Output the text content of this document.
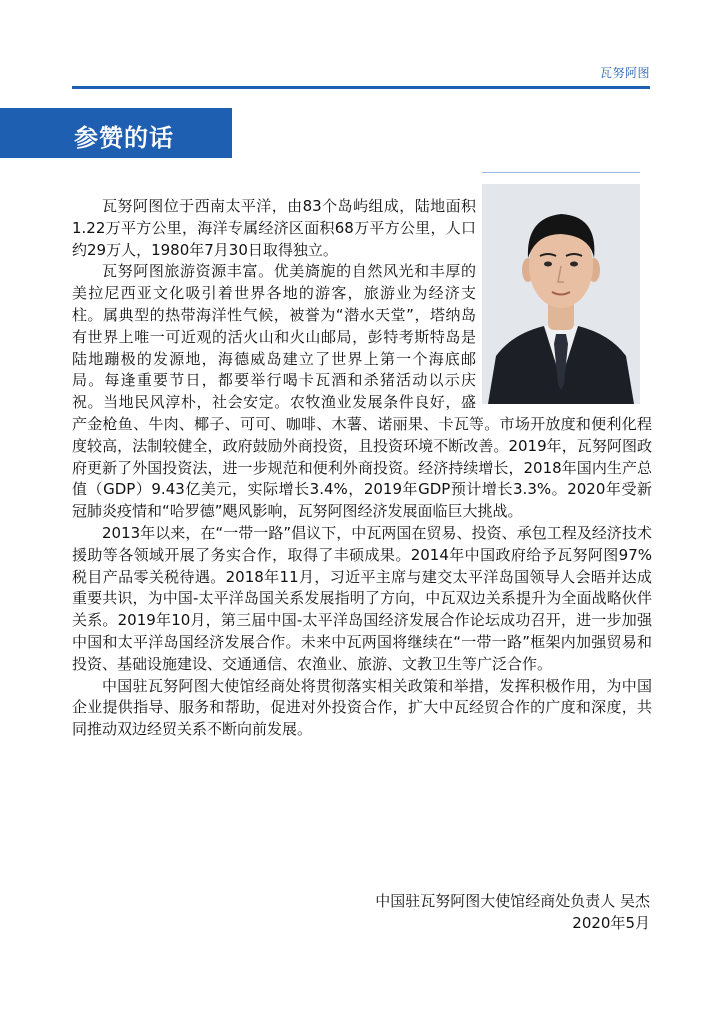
瓦努阿图
参赞的话

瓦努阿图位于西南太平洋，由83个岛屿组成，陆地面积1.22万平方公里，海洋专属经济区面积68万平方公里，人口约29万人，1980年7月30日取得独立。

瓦努阿图旅游资源丰富。优美旖旎的自然风光和丰厚的美拉尼西亚文化吸引着世界各地的游客，旅游业为经济支柱。属典型的热带海洋性气候，被誉为“潜水天堂”，塔纳岛有世界上唯一可近观的活火山和火山邮局，彭特考斯特岛是陆地蹦极的发源地，海德威岛建立了世界上第一个海底邮局。每逢重要节日，都要举行喝卡瓦酒和杀猪活动以示庆祝。当地民风淳朴，社会安定。农牧渔业发展条件良好，盛产金枪鱼、牛肉、椰子、可可、咖啡、木薯、诺丽果、卡瓦等。市场开放度和便利化程度较高，法制较健全，政府鼓励外商投资，且投资环境不断改善。2019年，瓦努阿图政府更新了外国投资法，进一步规范和便利外商投资。经济持续增长，2018年国内生产总值（GDP）9.43亿美元，实际增长3.4%，2019年GDP预计增长3.3%。2020年受新冠肺炎疫情和“哈罗德”飓风影响，瓦努阿图经济发展面临巨大挑战。

2013年以来，在“一带一路”倡议下，中瓦两国在贸易、投资、承包工程及经济技术援助等各领域开展了务实合作，取得了丰硕成果。2014年中国政府给予瓦努阿图97%税目产品零关税待遇。2018年11月，习近平主席与建交太平洋岛国领导人会晤并达成重要共识，为中国-太平洋岛国关系发展指明了方向，中瓦双边关系提升为全面战略伙伴关系。2019年10月，第三届中国-太平洋岛国经济发展合作论坛成功召开，进一步加强中国和太平洋岛国经济发展合作。未来中瓦两国将继续在“一带一路”框架内加强贸易和投资、基础设施建设、交通通信、农渔业、旅游、文教卫生等广泛合作。

中国驻瓦努阿图大使馆经商处将贯彻落实相关政策和举措，发挥积极作用，为中国企业提供指导、服务和帮助，促进对外投资合作，扩大中瓦经贸合作的广度和深度，共同推动双边经贸关系不断向前发展。

中国驻瓦努阿图大使馆经商处负责人 吴杰
2020年5月
